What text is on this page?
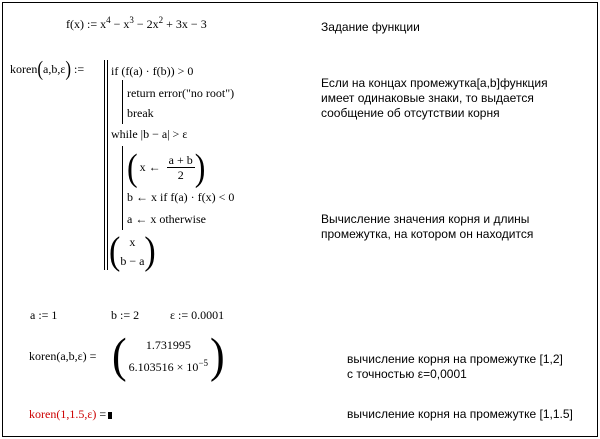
f(x) := $x^4 - x^3 - 2x^2 + 3x - 3$	Задание функции
koren(a,b,ε) := if (f(a) · f(b)) > 0
return error("no root")
break
while |b − a| > ε
( x ← $\frac{a + b}{2}$ )
b ← x if f(a) · f(x) < 0
a ← x otherwise
( x
b − a )
Если на концах промежутка[a,b]функция имеет одинаковые знаки, то выдается сообщение об отсутствии корня
Вычисление значения корня и длины промежутка, на котором он находится
a := 1	b := 2	ε := 0.0001
koren(a,b,ε) = ( 1.731995
$6.103516 \times 10^{-5}$ )	вычисление корня на промежутке [1,2]
с точностью ε=0,0001
koren(1,1.5,ε) =	вычисление корня на промежутке [1,1.5]
